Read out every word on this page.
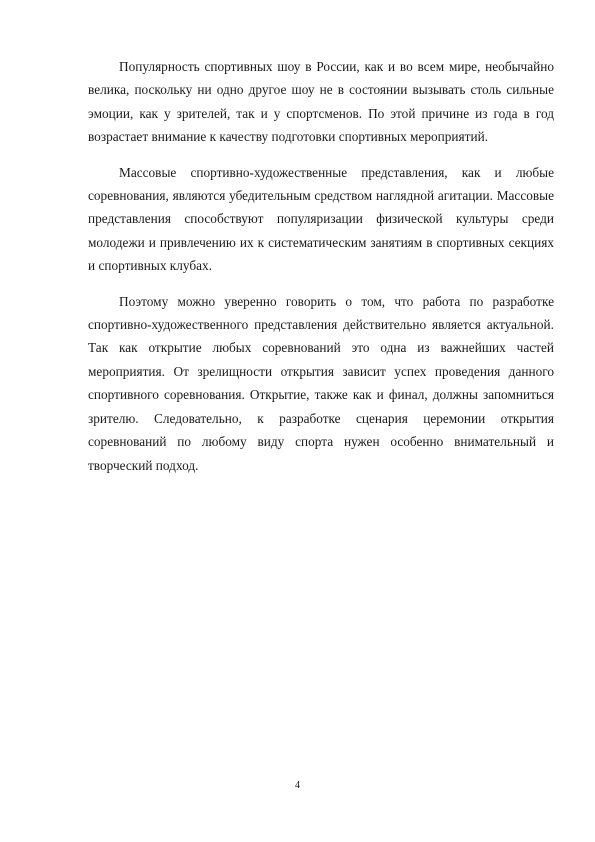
Популярность спортивных шоу в России, как и во всем мире, необычайно велика, поскольку ни одно другое шоу не в состоянии вызывать столь сильные эмоции, как у зрителей, так и у спортсменов. По этой причине из года в год возрастает внимание к качеству подготовки спортивных мероприятий.

Массовые спортивно-художественные представления, как и любые соревнования, являются убедительным средством наглядной агитации. Массовые представления способствуют популяризации физической культуры среди молодежи и привлечению их к систематическим занятиям в спортивных секциях и спортивных клубах.

Поэтому можно уверенно говорить о том, что работа по разработке спортивно-художественного представления действительно является актуальной. Так как открытие любых соревнований это одна из важнейших частей мероприятия. От зрелищности открытия зависит успех проведения данного спортивного соревнования. Открытие, также как и финал, должны запомниться зрителю. Следовательно, к разработке сценария церемонии открытия соревнований по любому виду спорта нужен особенно внимательный и творческий подход.

4
